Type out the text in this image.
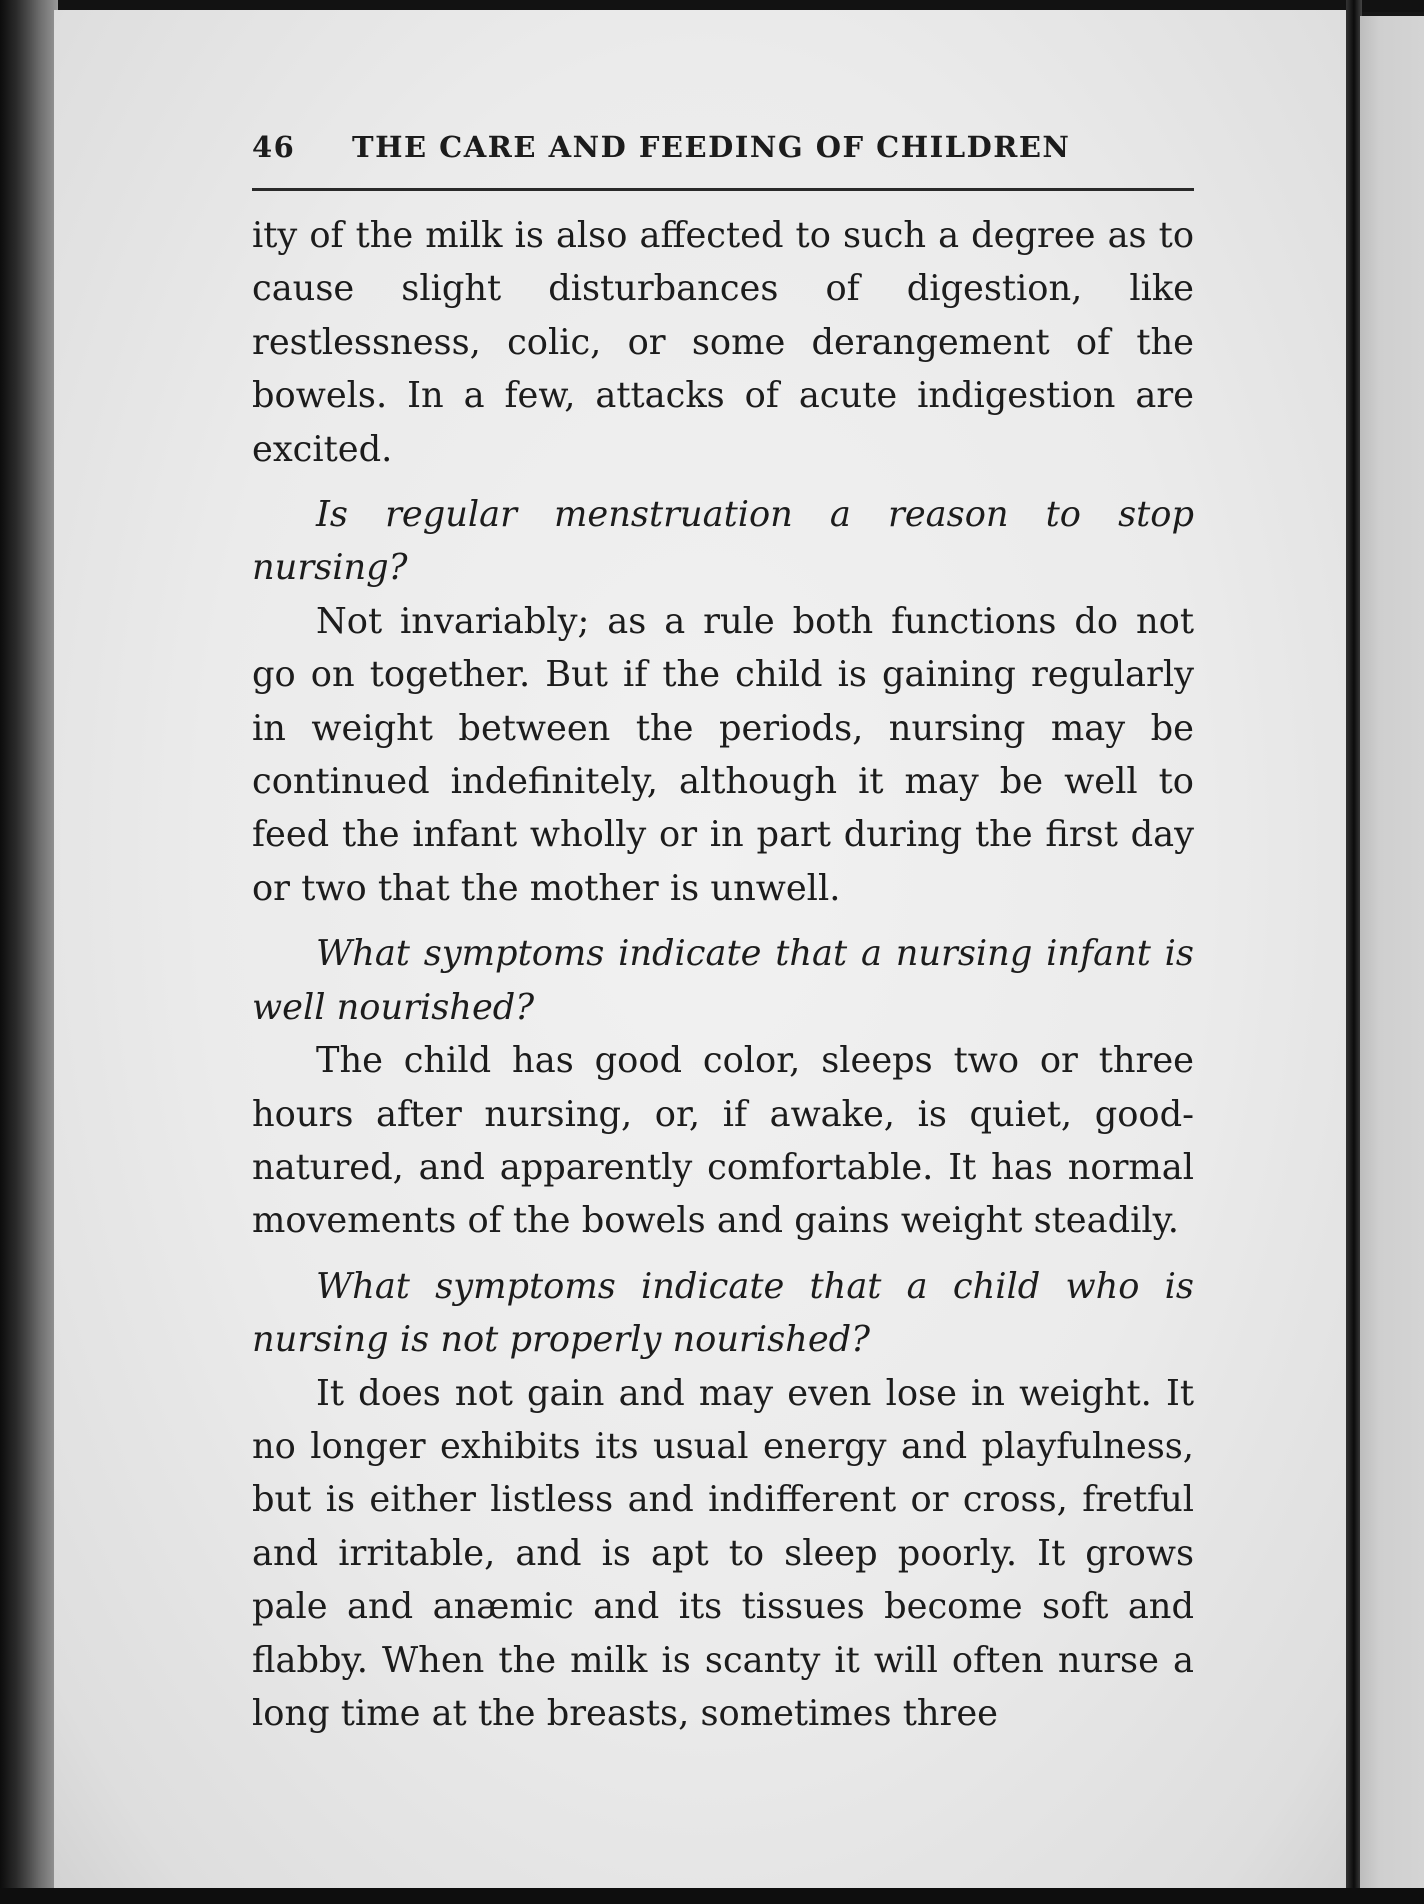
46	THE CARE AND FEEDING OF CHILDREN

ity of the milk is also affected to such a degree as to cause slight disturbances of digestion, like restlessness, colic, or some derangement of the bowels. In a few, attacks of acute indigestion are excited.

Is regular menstruation a reason to stop nursing?

Not invariably; as a rule both functions do not go on together. But if the child is gaining regularly in weight between the periods, nursing may be continued indefinitely, although it may be well to feed the infant wholly or in part during the first day or two that the mother is unwell.

What symptoms indicate that a nursing infant is well nourished?

The child has good color, sleeps two or three hours after nursing, or, if awake, is quiet, good-natured, and apparently comfortable. It has normal movements of the bowels and gains weight steadily.

What symptoms indicate that a child who is nursing is not properly nourished?

It does not gain and may even lose in weight. It no longer exhibits its usual energy and playfulness, but is either listless and indifferent or cross, fretful and irritable, and is apt to sleep poorly. It grows pale and anæmic and its tissues become soft and flabby. When the milk is scanty it will often nurse a long time at the breasts, sometimes three
